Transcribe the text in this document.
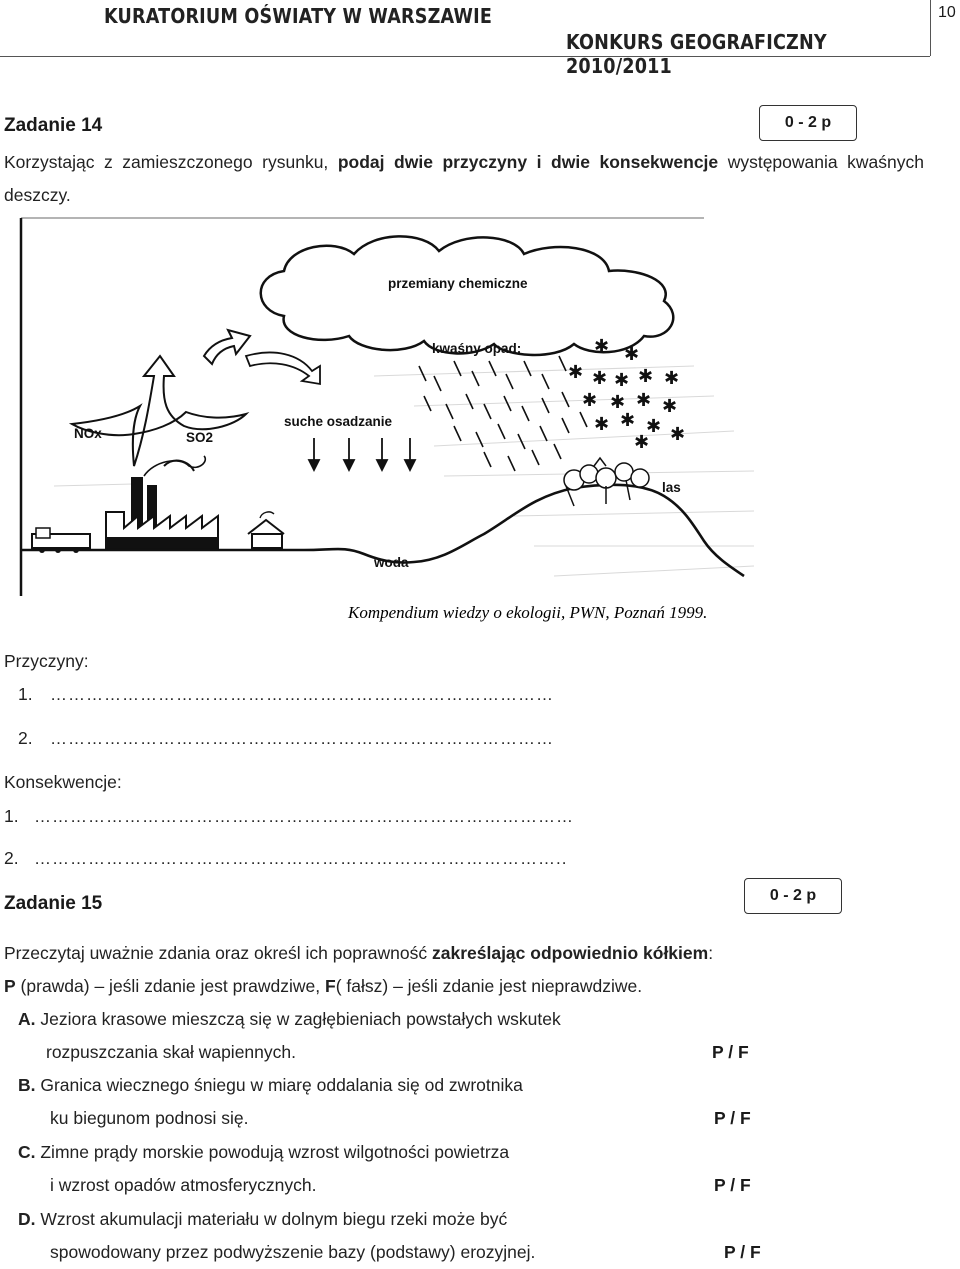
KURATORIUM OŚWIATY W WARSZAWIE
KONKURS GEOGRAFICZNY 2010/2011
10
Zadanie 14	0 - 2 p
Korzystając z zamieszczonego rysunku, podaj dwie przyczyny i dwie konsekwencje występowania kwaśnych deszczy.
przemiany chemiczne
NOx	SO2
kwaśny opad:	✱ ✱
✱ ✱ ✱ ✱ ✱
✱ ✱ ✱ ✱
✱ ✱ ✱
✱ ✱
suche osadzanie
woda
las
Kompendium wiedzy o ekologii, PWN, Poznań 1999.
Przyczyny:
1. …………………………………………………………………………
2. …………………………………………………………………………
Konsekwencje:
1. ………………………………………………………………………………
2. ……………………………………………………………………………..
Zadanie 15	0 - 2 p
Przeczytaj uważnie zdania oraz określ ich poprawność zakreślając odpowiednio kółkiem:
P (prawda) – jeśli zdanie jest prawdziwe, F( fałsz) – jeśli zdanie jest nieprawdziwe.
A. Jeziora krasowe mieszczą się w zagłębieniach powstałych wskutek
rozpuszczania skał wapiennych.	P / F
B. Granica wiecznego śniegu w miarę oddalania się od zwrotnika
ku biegunom podnosi się.	P / F
C. Zimne prądy morskie powodują wzrost wilgotności powietrza
i wzrost opadów atmosferycznych.	P / F
D. Wzrost akumulacji materiału w dolnym biegu rzeki może być
spowodowany przez podwyższenie bazy (podstawy) erozyjnej.	P / F
